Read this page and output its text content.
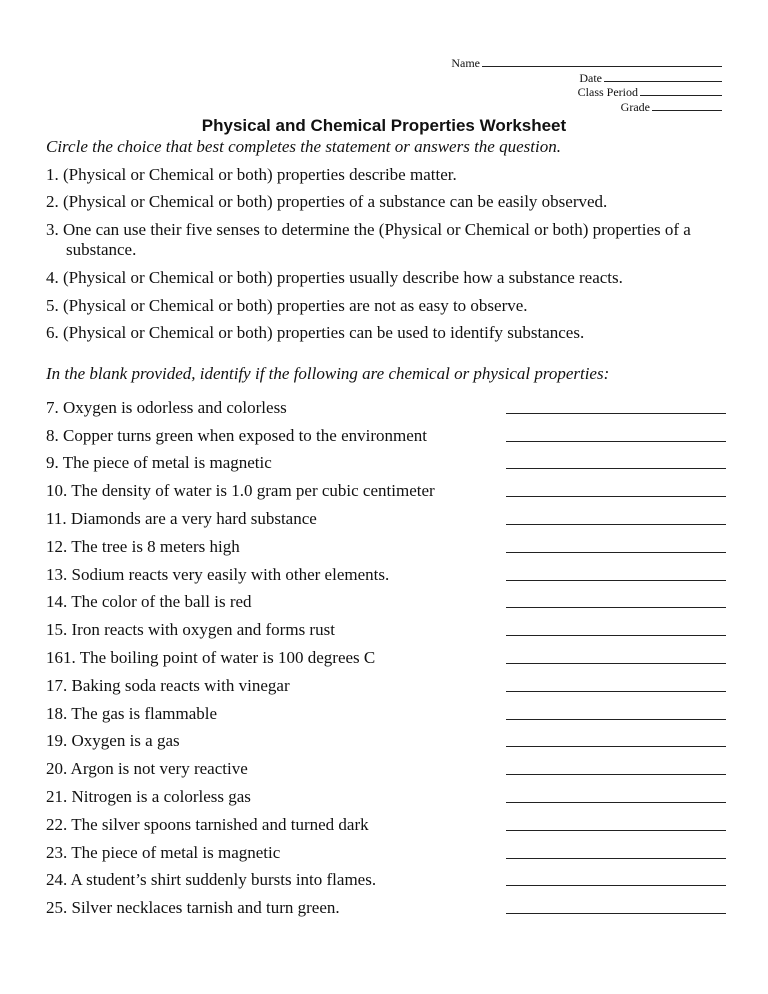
Name
Date
Class Period
Grade
Physical and Chemical Properties Worksheet

Circle the choice that best completes the statement or answers the question.

1. (Physical or Chemical or both) properties describe matter.
2. (Physical or Chemical or both) properties of a substance can be easily observed.
3. One can use their five senses to determine the (Physical or Chemical or both) properties of a
substance.
4. (Physical or Chemical or both) properties usually describe how a substance reacts.
5. (Physical or Chemical or both) properties are not as easy to observe.
6. (Physical or Chemical or both) properties can be used to identify substances.

In the blank provided, identify if the following are chemical or physical properties:

7. Oxygen is odorless and colorless
8. Copper turns green when exposed to the environment
9. The piece of metal is magnetic
10. The density of water is 1.0 gram per cubic centimeter
11. Diamonds are a very hard substance
12. The tree is 8 meters high
13. Sodium reacts very easily with other elements.
14. The color of the ball is red
15. Iron reacts with oxygen and forms rust
161. The boiling point of water is 100 degrees C
17. Baking soda reacts with vinegar
18. The gas is flammable
19. Oxygen is a gas
20. Argon is not very reactive
21. Nitrogen is a colorless gas
22. The silver spoons tarnished and turned dark
23. The piece of metal is magnetic
24. A student’s shirt suddenly bursts into flames.
25. Silver necklaces tarnish and turn green.
